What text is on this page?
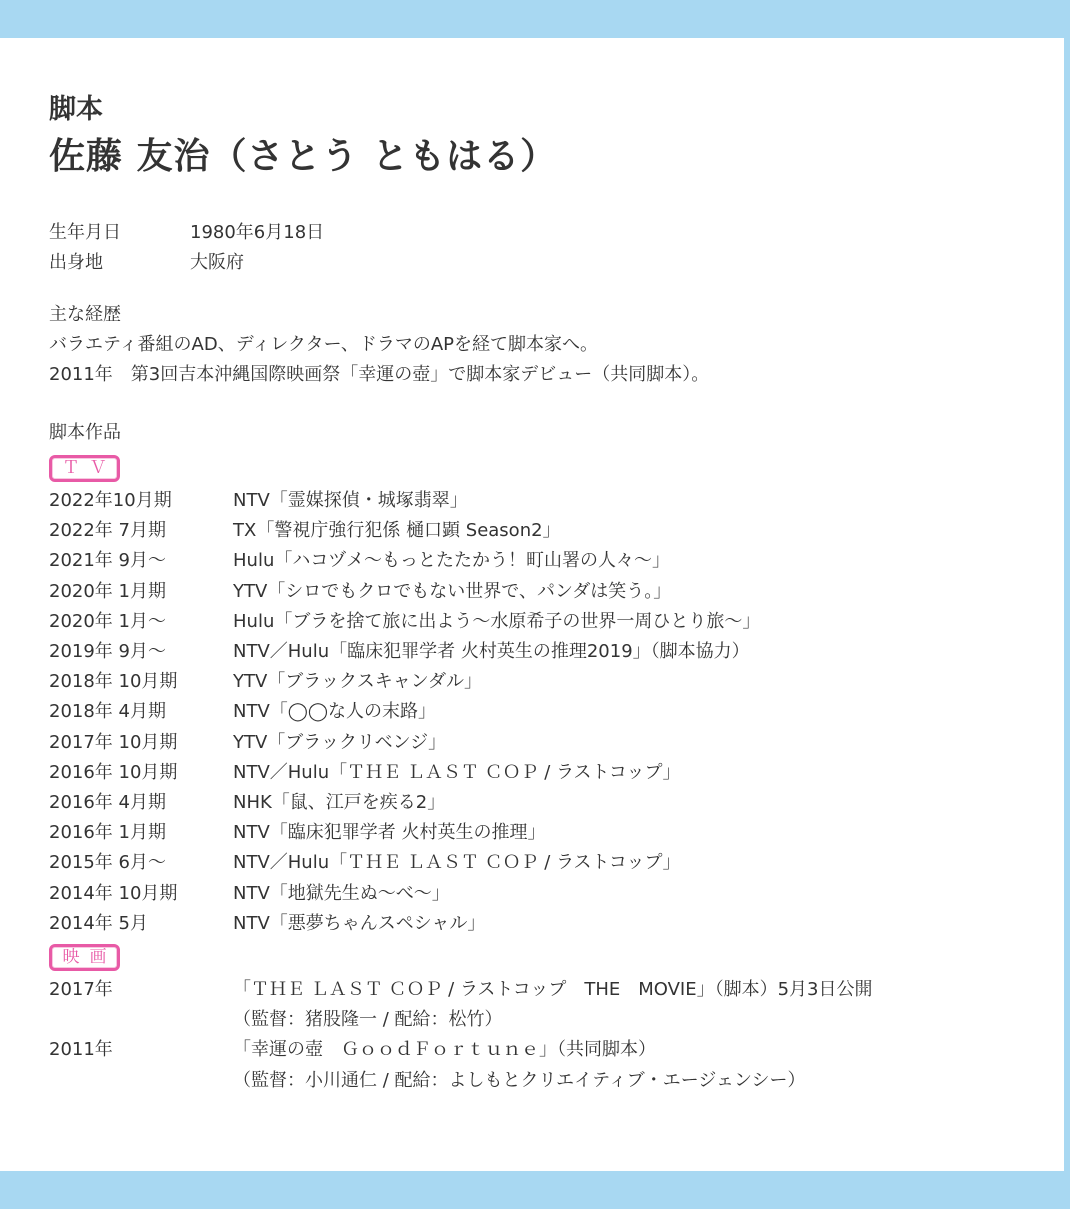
脚本
佐藤 友治（さとう ともはる）
生年月日	1980年6月18日
出身地	大阪府
主な経歴
バラエティ番組のAD、ディレクター、ドラマのAPを経て脚本家へ。
2011年　第3回吉本沖縄国際映画祭「幸運の壺」で脚本家デビュー（共同脚本）。
脚本作品
ＴＶ
2022年10月期	NTV「霊媒探偵・城塚翡翠」
2022年 7月期	TX「警視庁強行犯係 樋口顕 Season2」
2021年 9月〜	Hulu「ハコヅメ〜もっとたたかう！町山署の人々〜」
2020年 1月期	YTV「シロでもクロでもない世界で、パンダは笑う。」
2020年 1月〜	Hulu「ブラを捨て旅に出よう〜水原希子の世界一周ひとり旅〜」
2019年 9月〜	NTV／Hulu「臨床犯罪学者 火村英生の推理2019」（脚本協力）
2018年 10月期	YTV「ブラックスキャンダル」
2018年 4月期	NTV「◯◯な人の末路」
2017年 10月期	YTV「ブラックリベンジ」
2016年 10月期	NTV／Hulu「ＴＨＥ ＬＡＳＴ ＣＯＰ / ラストコップ」
2016年 4月期	NHK「鼠、江戸を疾る2」
2016年 1月期	NTV「臨床犯罪学者 火村英生の推理」
2015年 6月〜	NTV／Hulu「ＴＨＥ ＬＡＳＴ ＣＯＰ / ラストコップ」
2014年 10月期	NTV「地獄先生ぬ〜べ〜」
2014年 5月	NTV「悪夢ちゃんスペシャル」
映画
2017年	「ＴＨＥ ＬＡＳＴ ＣＯＰ / ラストコップ　THE　MOVIE」（脚本）5月3日公開
（監督：猪股隆一 / 配給：松竹）
2011年	「幸運の壺　ＧｏｏｄＦｏｒｔｕｎｅ」（共同脚本）
（監督：小川通仁 / 配給：よしもとクリエイティブ・エージェンシー）
